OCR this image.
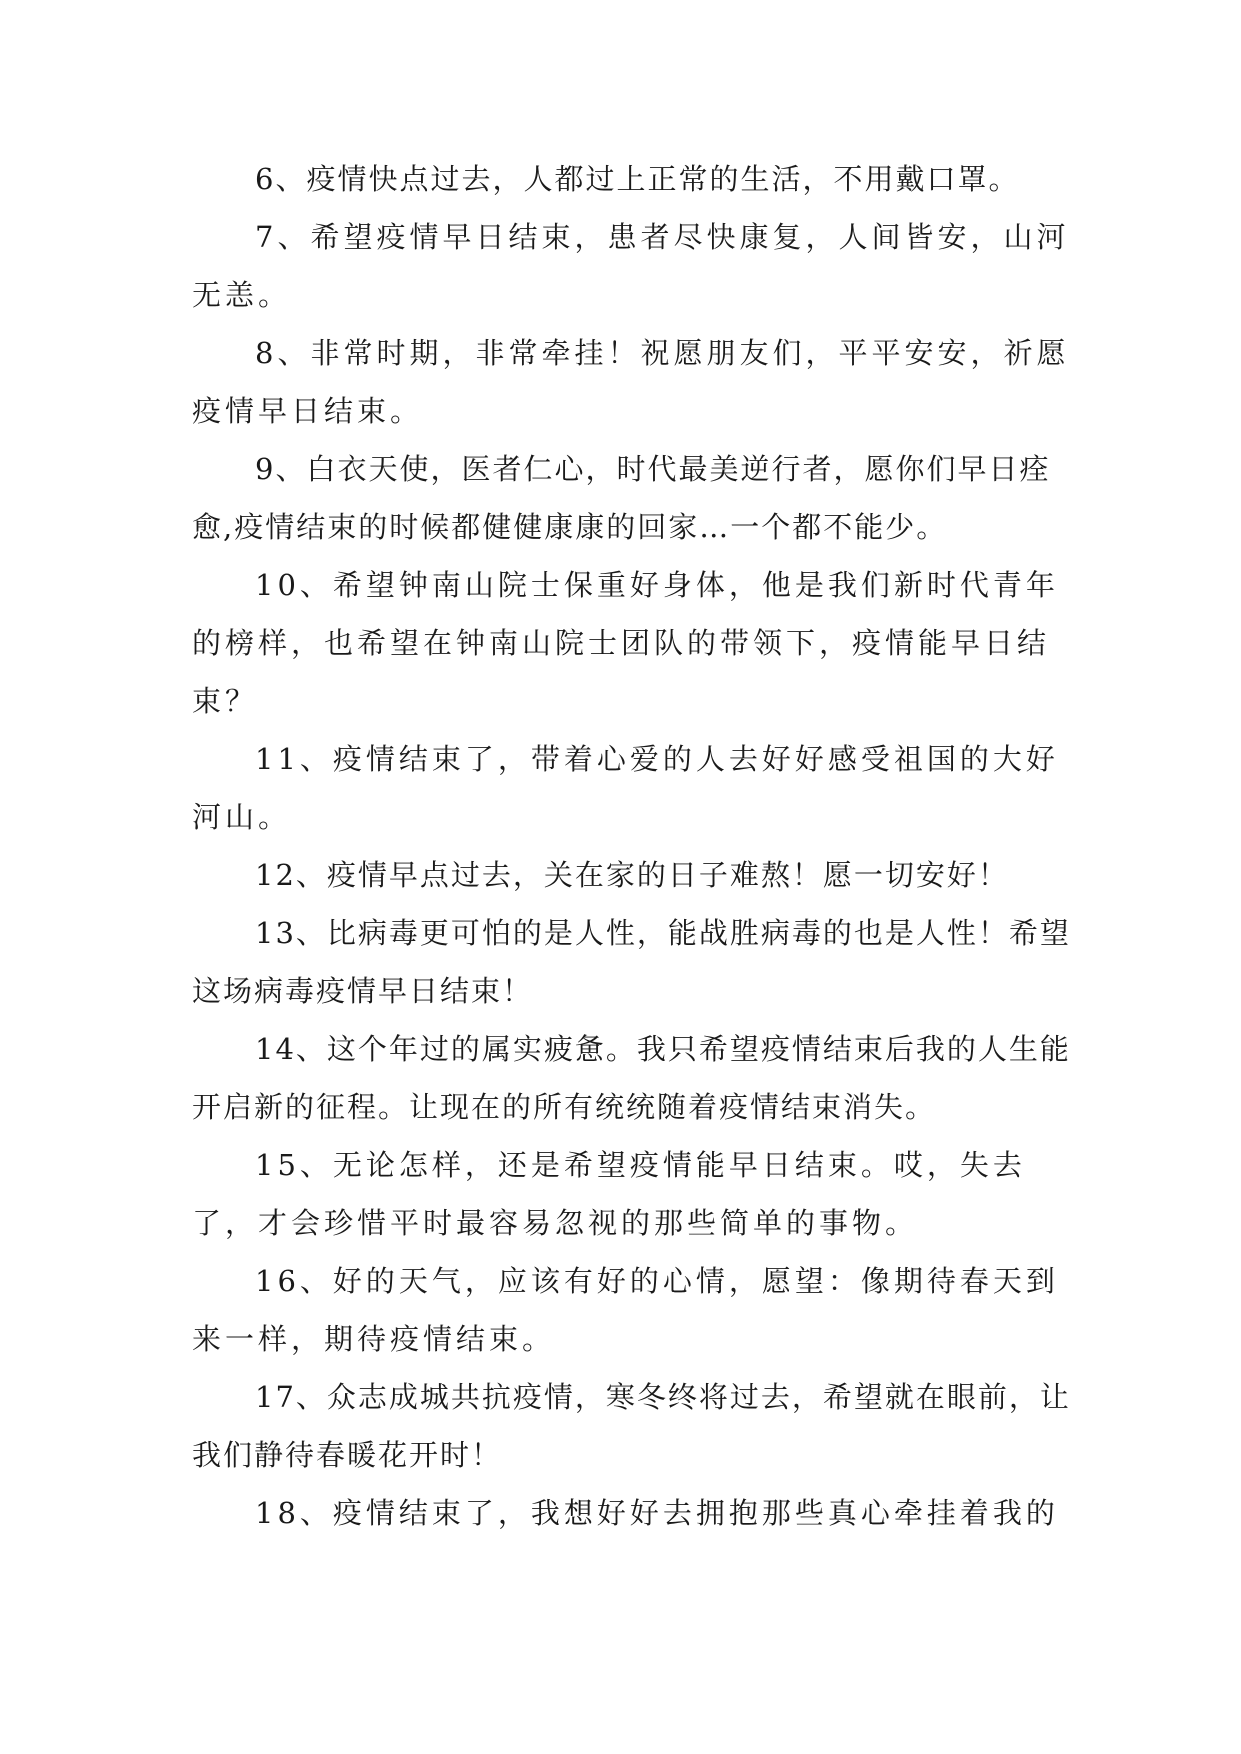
6、疫情快点过去，人都过上正常的生活，不用戴口罩。

7、希望疫情早日结束，患者尽快康复，人间皆安，山河无恙。

8、非常时期，非常牵挂！祝愿朋友们，平平安安，祈愿疫情早日结束。

9、白衣天使，医者仁心，时代最美逆行者，愿你们早日痊愈,疫情结束的时候都健健康康的回家…一个都不能少。

10、希望钟南山院士保重好身体，他是我们新时代青年的榜样，也希望在钟南山院士团队的带领下，疫情能早日结束？

11、疫情结束了，带着心爱的人去好好感受祖国的大好河山。

12、疫情早点过去，关在家的日子难熬！愿一切安好！

13、比病毒更可怕的是人性，能战胜病毒的也是人性！希望这场病毒疫情早日结束！

14、这个年过的属实疲惫。我只希望疫情结束后我的人生能开启新的征程。让现在的所有统统随着疫情结束消失。

15、无论怎样，还是希望疫情能早日结束。哎，失去了，才会珍惜平时最容易忽视的那些简单的事物。

16、好的天气，应该有好的心情，愿望：像期待春天到来一样，期待疫情结束。

17、众志成城共抗疫情，寒冬终将过去，希望就在眼前，让我们静待春暖花开时！

18、疫情结束了，我想好好去拥抱那些真心牵挂着我的
